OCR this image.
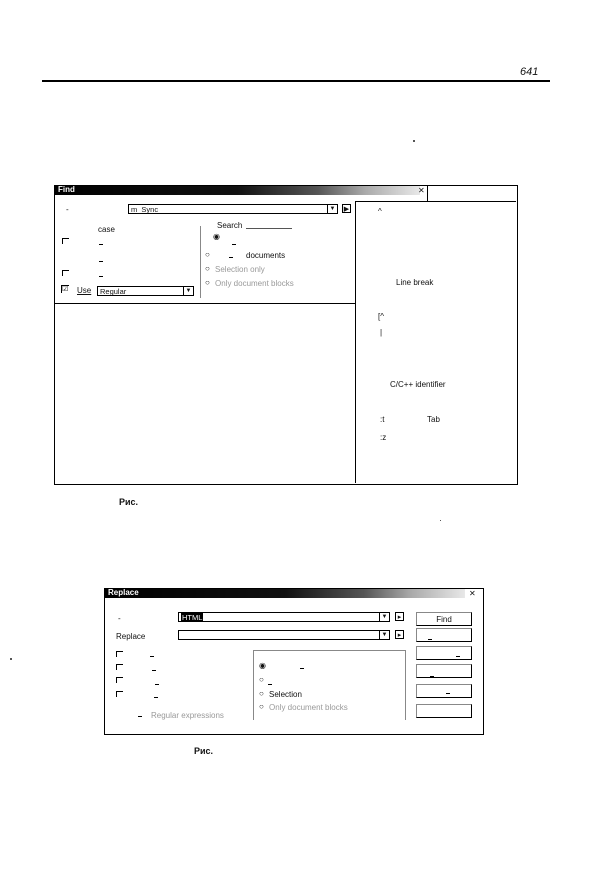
641
Find	✕
-	m_Sync	▼ ▶
case
☑ Use	Regular	▼
Search
◉
○	documents
○ Selection only
○ Only document blocks
^
Line break
[^
|
C/C++ identifier
:t	Tab
:z
Рис.
Replace	✕
-	HTML	▼	▸	Find
Replace	▼	▸
Regular expressions
◉
○
○ Selection
○ Only document blocks
Рис.
